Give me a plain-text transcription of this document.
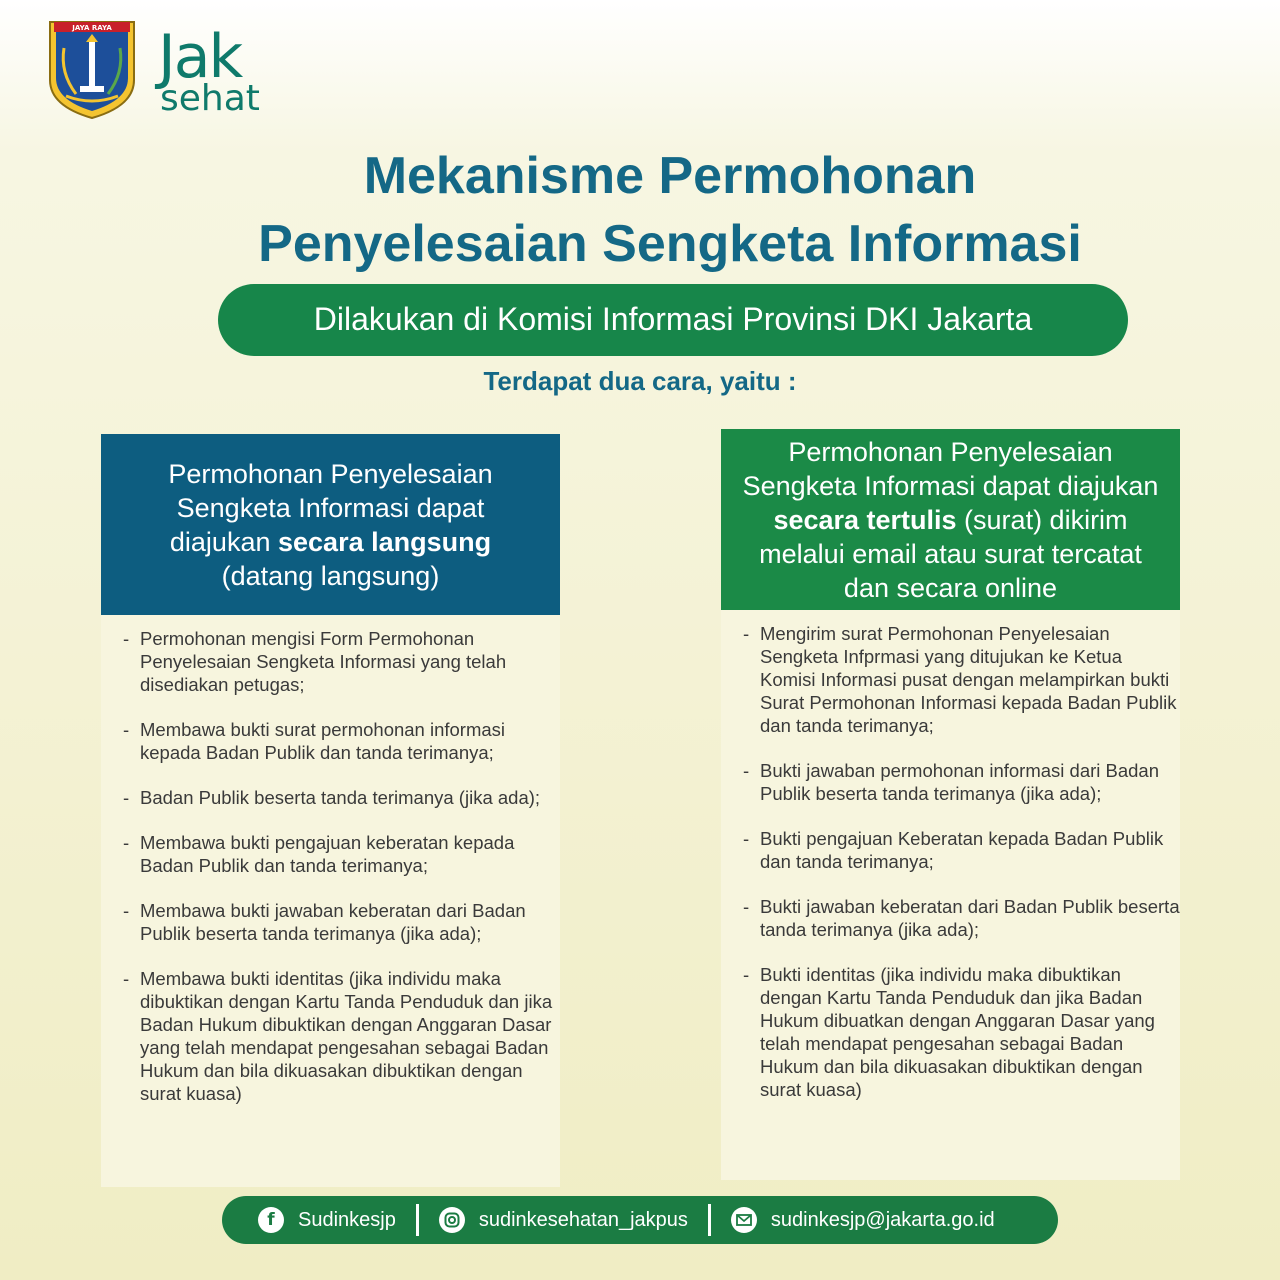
JAYA RAYA Jak
sehat
Mekanisme Permohonan
Penyelesaian Sengketa Informasi
Dilakukan di Komisi Informasi Provinsi DKI Jakarta
Terdapat dua cara, yaitu :
Permohonan Penyelesaian Sengketa Informasi dapat diajukan secara langsung (datang langsung)
- Permohonan mengisi Form Permohonan Penyelesaian Sengketa Informasi yang telah disediakan petugas;
- Membawa bukti surat permohonan informasi kepada Badan Publik dan tanda terimanya;
- Badan Publik beserta tanda terimanya (jika ada);
- Membawa bukti pengajuan keberatan kepada Badan Publik dan tanda terimanya;
- Membawa bukti jawaban keberatan dari Badan Publik beserta tanda terimanya (jika ada);
- Membawa bukti identitas (jika individu maka dibuktikan dengan Kartu Tanda Penduduk dan jika Badan Hukum dibuktikan dengan Anggaran Dasar yang telah mendapat pengesahan sebagai Badan Hukum dan bila dikuasakan dibuktikan dengan surat kuasa)
Permohonan Penyelesaian Sengketa Informasi dapat diajukan secara tertulis (surat) dikirim melalui email atau surat tercatat dan secara online
- Mengirim surat Permohonan Penyelesaian Sengketa Infprmasi yang ditujukan ke Ketua Komisi Informasi pusat dengan melampirkan bukti Surat Permohonan Informasi kepada Badan Publik dan tanda terimanya;
- Bukti jawaban permohonan informasi dari Badan Publik beserta tanda terimanya (jika ada);
- Bukti pengajuan Keberatan kepada Badan Publik dan tanda terimanya;
- Bukti jawaban keberatan dari Badan Publik beserta tanda terimanya (jika ada);
- Bukti identitas (jika individu maka dibuktikan dengan Kartu Tanda Penduduk dan jika Badan Hukum dibuatkan dengan Anggaran Dasar yang telah mendapat pengesahan sebagai Badan Hukum dan bila dikuasakan dibuktikan dengan surat kuasa)
f	Sudinkesjp	sudinkesehatan_jakpus	sudinkesjp@jakarta.go.id
